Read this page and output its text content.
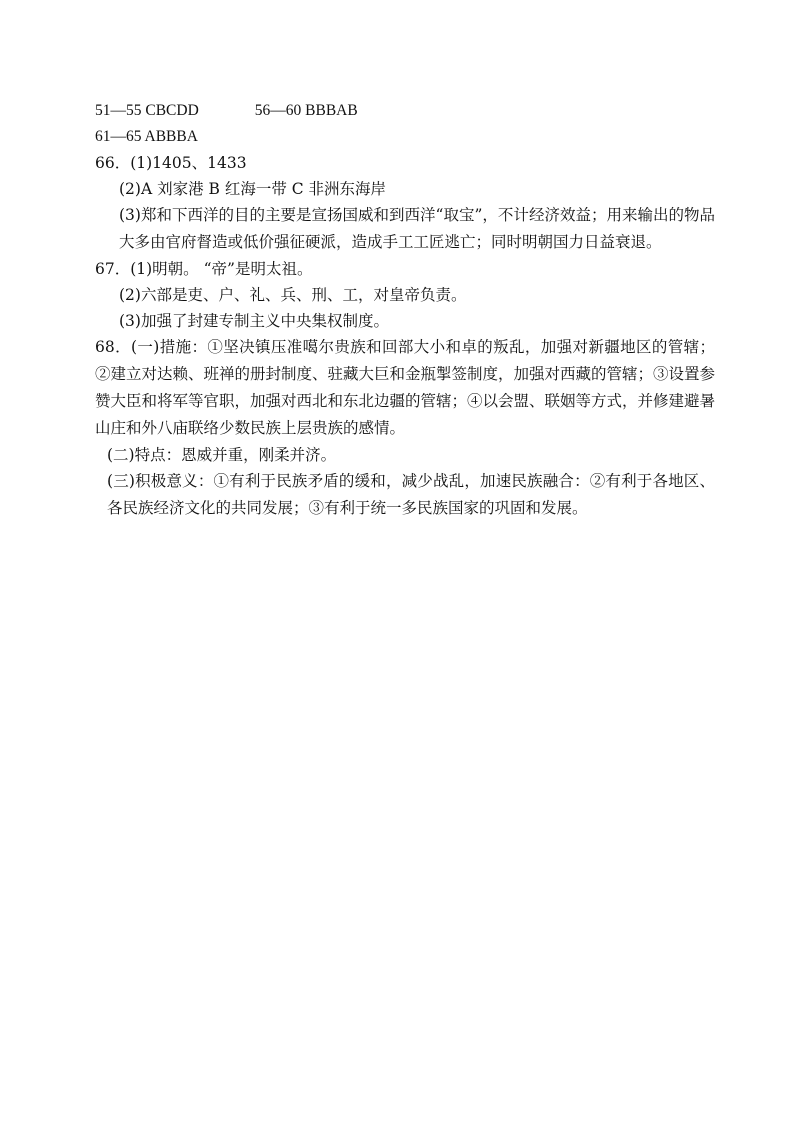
51—55 CBCDD	56—60 BBBAB
61—65 ABBBA
66．(1)1405、1433
(2)A 刘家港 B 红海一带 C 非洲东海岸
(3)郑和下西洋的目的主要是宣扬国威和到西洋“取宝”，不计经济效益；用来输出的物品大多由官府督造或低价强征硬派，造成手工工匠逃亡；同时明朝国力日益衰退。
67．(1)明朝。 “帝”是明太祖。
(2)六部是吏、户、礼、兵、刑、工，对皇帝负责。
(3)加强了封建专制主义中央集权制度。
68．(一)措施：①坚决镇压准噶尔贵族和回部大小和卓的叛乱，加强对新疆地区的管辖；②建立对达赖、班禅的册封制度、驻藏大巨和金瓶掣签制度，加强对西藏的管辖；③设置参赞大臣和将军等官职，加强对西北和东北边疆的管辖；④以会盟、联姻等方式，并修建避暑山庄和外八庙联络少数民族上层贵族的感情。
(二)特点：恩威并重，刚柔并济。
(三)积极意义：①有利于民族矛盾的缓和，减少战乱，加速民族融合：②有利于各地区、各民族经济文化的共同发展；③有利于统一多民族国家的巩固和发展。
